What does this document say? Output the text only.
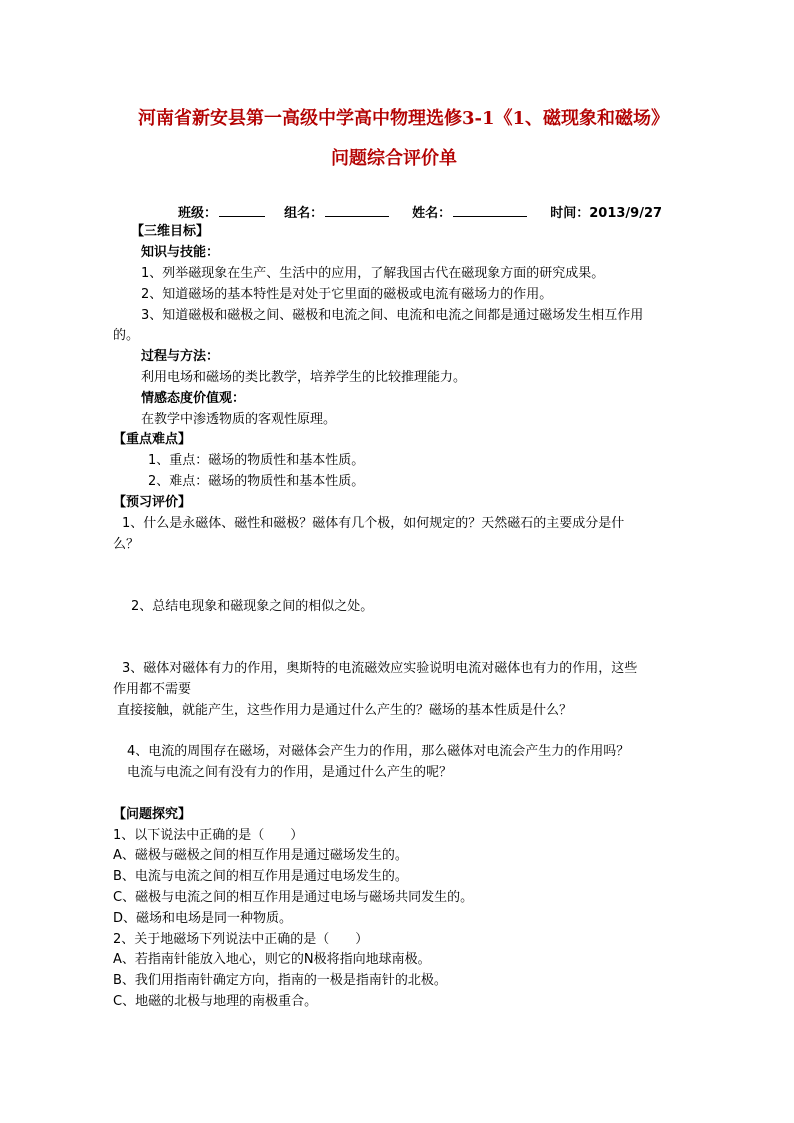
河南省新安县第一高级中学高中物理选修3-1《1、磁现象和磁场》
问题综合评价单
班级：	组名：	姓名：	时间：2013/9/27
【三维目标】
知识与技能：
1、列举磁现象在生产、生活中的应用，了解我国古代在磁现象方面的研究成果。
2、知道磁场的基本特性是对处于它里面的磁极或电流有磁场力的作用。
3、知道磁极和磁极之间、磁极和电流之间、电流和电流之间都是通过磁场发生相互作用
的。
过程与方法：
利用电场和磁场的类比教学，培养学生的比较推理能力。
情感态度价值观：
在教学中渗透物质的客观性原理。
【重点难点】
1、重点：磁场的物质性和基本性质。
2、难点：磁场的物质性和基本性质。
【预习评价】
1、什么是永磁体、磁性和磁极？磁体有几个极，如何规定的？天然磁石的主要成分是什
么？
2、总结电现象和磁现象之间的相似之处。
3、磁体对磁体有力的作用，奥斯特的电流磁效应实验说明电流对磁体也有力的作用，这些
作用都不需要
直接接触，就能产生，这些作用力是通过什么产生的？磁场的基本性质是什么？
4、电流的周围存在磁场，对磁体会产生力的作用，那么磁体对电流会产生力的作用吗？
电流与电流之间有没有力的作用，是通过什么产生的呢？
【问题探究】
1、以下说法中正确的是（　　）
A、磁极与磁极之间的相互作用是通过磁场发生的。
B、电流与电流之间的相互作用是通过电场发生的。
C、磁极与电流之间的相互作用是通过电场与磁场共同发生的。
D、磁场和电场是同一种物质。
2、关于地磁场下列说法中正确的是（　　）
A、若指南针能放入地心，则它的N极将指向地球南极。
B、我们用指南针确定方向，指南的一极是指南针的北极。
C、地磁的北极与地理的南极重合。
